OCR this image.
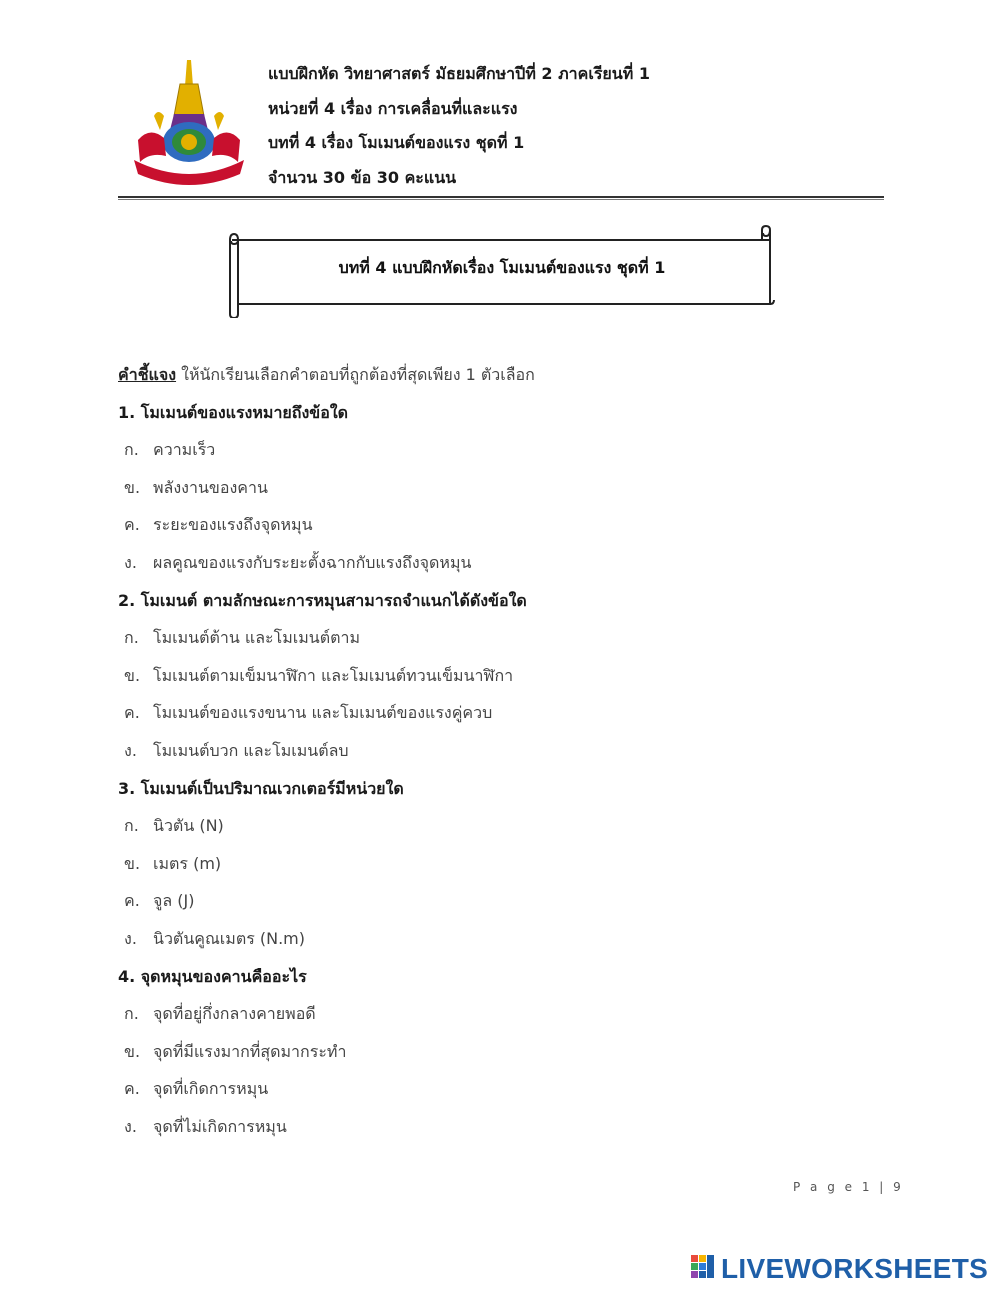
แบบฝึกหัด วิทยาศาสตร์ มัธยมศึกษาปีที่ 2 ภาคเรียนที่ 1
หน่วยที่ 4 เรื่อง การเคลื่อนที่และแรง
บทที่ 4 เรื่อง โมเมนต์ของแรง ชุดที่ 1
จำนวน 30 ข้อ 30 คะแนน
บทที่ 4 แบบฝึกหัดเรื่อง โมเมนต์ของแรง ชุดที่ 1
คำชี้แจง ให้นักเรียนเลือกคำตอบที่ถูกต้องที่สุดเพียง 1 ตัวเลือก
1. โมเมนต์ของแรงหมายถึงข้อใด
ก. ความเร็ว
ข. พลังงานของคาน
ค. ระยะของแรงถึงจุดหมุน
ง. ผลคูณของแรงกับระยะตั้งฉากกับแรงถึงจุดหมุน
2. โมเมนต์ ตามลักษณะการหมุนสามารถจำแนกได้ดังข้อใด
ก. โมเมนต์ต้าน และโมเมนต์ตาม
ข. โมเมนต์ตามเข็มนาฬิกา และโมเมนต์ทวนเข็มนาฬิกา
ค. โมเมนต์ของแรงขนาน และโมเมนต์ของแรงคู่ควบ
ง. โมเมนต์บวก และโมเมนต์ลบ
3. โมเมนต์เป็นปริมาณเวกเตอร์มีหน่วยใด
ก. นิวตัน (N)
ข. เมตร (m)
ค. จูล (J)
ง. นิวตันคูณเมตร (N.m)
4. จุดหมุนของคานคืออะไร
ก. จุดที่อยู่กึ่งกลางคายพอดี
ข. จุดที่มีแรงมากที่สุดมากระทำ
ค. จุดที่เกิดการหมุน
ง. จุดที่ไม่เกิดการหมุน
P a g e 1 | 9
LIVEWORKSHEETS
